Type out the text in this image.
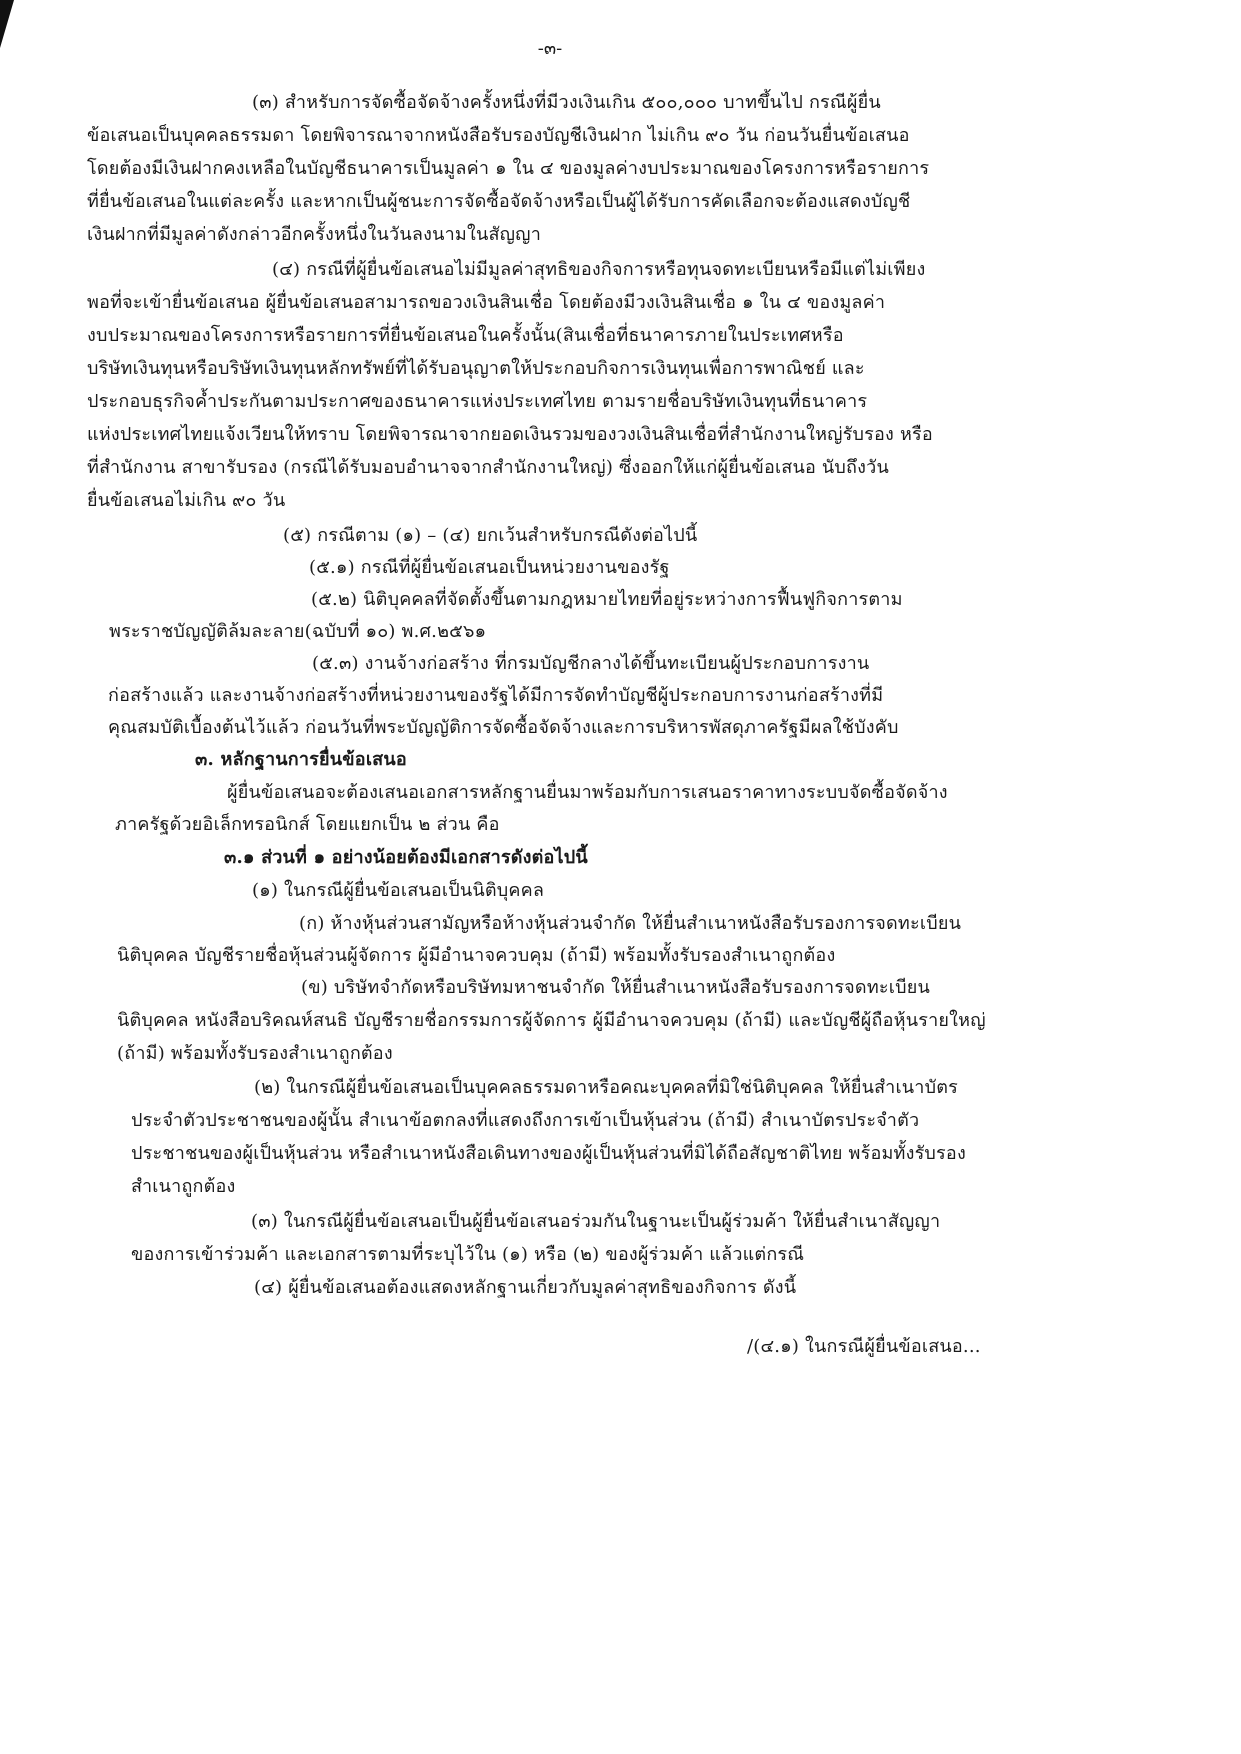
-๓-
(๓) สำหรับการจัดซื้อจัดจ้างครั้งหนึ่งที่มีวงเงินเกิน ๕๐๐,๐๐๐ บาทขึ้นไป กรณีผู้ยื่น
ข้อเสนอเป็นบุคคลธรรมดา โดยพิจารณาจากหนังสือรับรองบัญชีเงินฝาก ไม่เกิน ๙๐ วัน ก่อนวันยื่นข้อเสนอ
โดยต้องมีเงินฝากคงเหลือในบัญชีธนาคารเป็นมูลค่า ๑ ใน ๔ ของมูลค่างบประมาณของโครงการหรือรายการ
ที่ยื่นข้อเสนอในแต่ละครั้ง และหากเป็นผู้ชนะการจัดซื้อจัดจ้างหรือเป็นผู้ได้รับการคัดเลือกจะต้องแสดงบัญชี
เงินฝากที่มีมูลค่าดังกล่าวอีกครั้งหนึ่งในวันลงนามในสัญญา
(๔) กรณีที่ผู้ยื่นข้อเสนอไม่มีมูลค่าสุทธิของกิจการหรือทุนจดทะเบียนหรือมีแต่ไม่เพียง
พอที่จะเข้ายื่นข้อเสนอ ผู้ยื่นข้อเสนอสามารถขอวงเงินสินเชื่อ โดยต้องมีวงเงินสินเชื่อ ๑ ใน ๔ ของมูลค่า
งบประมาณของโครงการหรือรายการที่ยื่นข้อเสนอในครั้งนั้น(สินเชื่อที่ธนาคารภายในประเทศหรือ
บริษัทเงินทุนหรือบริษัทเงินทุนหลักทรัพย์ที่ได้รับอนุญาตให้ประกอบกิจการเงินทุนเพื่อการพาณิชย์ และ
ประกอบธุรกิจค้ำประกันตามประกาศของธนาคารแห่งประเทศไทย ตามรายชื่อบริษัทเงินทุนที่ธนาคาร
แห่งประเทศไทยแจ้งเวียนให้ทราบ โดยพิจารณาจากยอดเงินรวมของวงเงินสินเชื่อที่สำนักงานใหญ่รับรอง หรือ
ที่สำนักงาน สาขารับรอง (กรณีได้รับมอบอำนาจจากสำนักงานใหญ่) ซึ่งออกให้แก่ผู้ยื่นข้อเสนอ นับถึงวัน
ยื่นข้อเสนอไม่เกิน ๙๐ วัน
(๕) กรณีตาม (๑) – (๔) ยกเว้นสำหรับกรณีดังต่อไปนี้
(๕.๑) กรณีที่ผู้ยื่นข้อเสนอเป็นหน่วยงานของรัฐ
(๕.๒) นิติบุคคลที่จัดตั้งขึ้นตามกฎหมายไทยที่อยู่ระหว่างการฟื้นฟูกิจการตาม
พระราชบัญญัติล้มละลาย(ฉบับที่ ๑๐) พ.ศ.๒๕๖๑
(๕.๓) งานจ้างก่อสร้าง ที่กรมบัญชีกลางได้ขึ้นทะเบียนผู้ประกอบการงาน
ก่อสร้างแล้ว และงานจ้างก่อสร้างที่หน่วยงานของรัฐได้มีการจัดทำบัญชีผู้ประกอบการงานก่อสร้างที่มี
คุณสมบัติเบื้องต้นไว้แล้ว ก่อนวันที่พระบัญญัติการจัดซื้อจัดจ้างและการบริหารพัสดุภาครัฐมีผลใช้บังคับ
๓. หลักฐานการยื่นข้อเสนอ
ผู้ยื่นข้อเสนอจะต้องเสนอเอกสารหลักฐานยื่นมาพร้อมกับการเสนอราคาทางระบบจัดซื้อจัดจ้าง
ภาครัฐด้วยอิเล็กทรอนิกส์ โดยแยกเป็น ๒ ส่วน คือ
๓.๑ ส่วนที่ ๑ อย่างน้อยต้องมีเอกสารดังต่อไปนี้
(๑) ในกรณีผู้ยื่นข้อเสนอเป็นนิติบุคคล
(ก) ห้างหุ้นส่วนสามัญหรือห้างหุ้นส่วนจำกัด ให้ยื่นสำเนาหนังสือรับรองการจดทะเบียน
นิติบุคคล บัญชีรายชื่อหุ้นส่วนผู้จัดการ ผู้มีอำนาจควบคุม (ถ้ามี) พร้อมทั้งรับรองสำเนาถูกต้อง
(ข) บริษัทจำกัดหรือบริษัทมหาชนจำกัด ให้ยื่นสำเนาหนังสือรับรองการจดทะเบียน
นิติบุคคล หนังสือบริคณห์สนธิ บัญชีรายชื่อกรรมการผู้จัดการ ผู้มีอำนาจควบคุม (ถ้ามี) และบัญชีผู้ถือหุ้นรายใหญ่
(ถ้ามี) พร้อมทั้งรับรองสำเนาถูกต้อง
(๒) ในกรณีผู้ยื่นข้อเสนอเป็นบุคคลธรรมดาหรือคณะบุคคลที่มิใช่นิติบุคคล ให้ยื่นสำเนาบัตร
ประจำตัวประชาชนของผู้นั้น สำเนาข้อตกลงที่แสดงถึงการเข้าเป็นหุ้นส่วน (ถ้ามี) สำเนาบัตรประจำตัว
ประชาชนของผู้เป็นหุ้นส่วน หรือสำเนาหนังสือเดินทางของผู้เป็นหุ้นส่วนที่มิได้ถือสัญชาติไทย พร้อมทั้งรับรอง
สำเนาถูกต้อง
(๓) ในกรณีผู้ยื่นข้อเสนอเป็นผู้ยื่นข้อเสนอร่วมกันในฐานะเป็นผู้ร่วมค้า ให้ยื่นสำเนาสัญญา
ของการเข้าร่วมค้า และเอกสารตามที่ระบุไว้ใน (๑) หรือ (๒) ของผู้ร่วมค้า แล้วแต่กรณี
(๔) ผู้ยื่นข้อเสนอต้องแสดงหลักฐานเกี่ยวกับมูลค่าสุทธิของกิจการ ดังนี้
/(๔.๑) ในกรณีผู้ยื่นข้อเสนอ...
